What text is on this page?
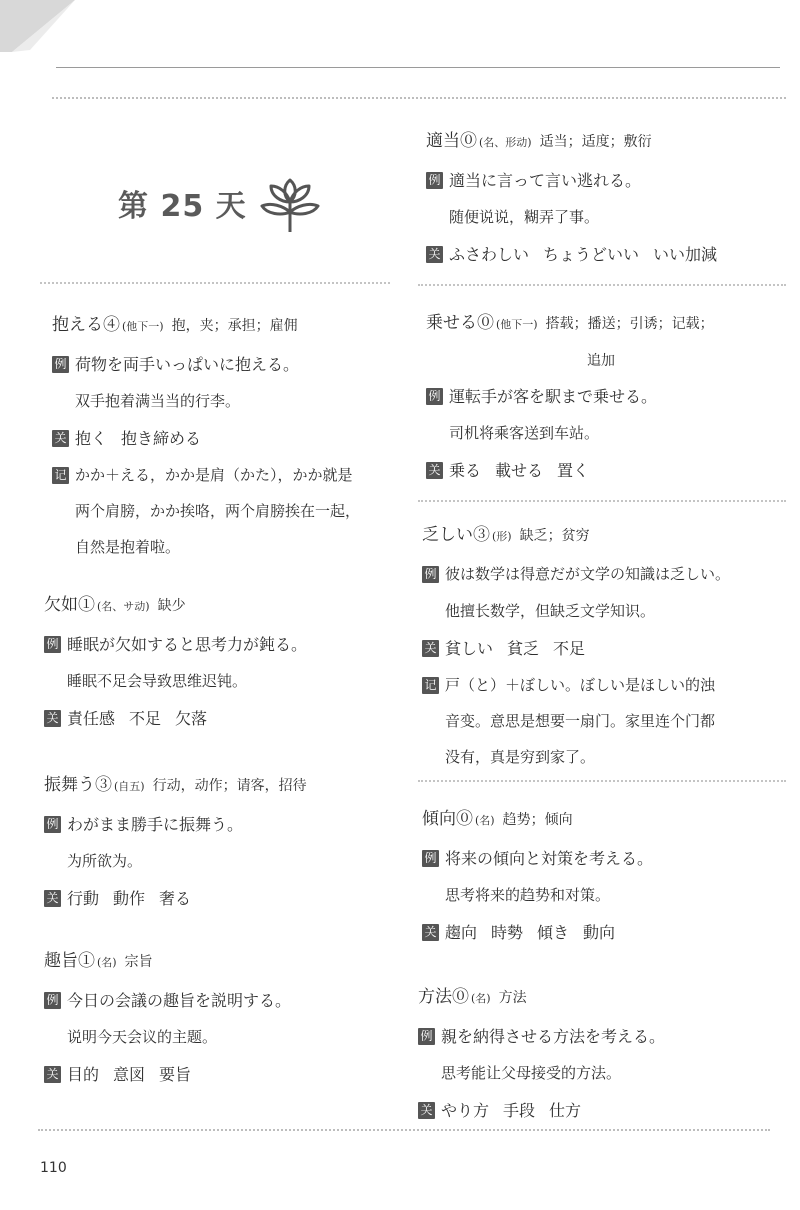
第 25 天
抱える④ (他下一) 抱，夹；承担；雇佣
例 荷物を両手いっぱいに抱える。
双手抱着满当当的行李。
关 抱く 抱き締める
记 かか＋える，かか是肩（かた），かか就是
两个肩膀，かか挨咯，两个肩膀挨在一起，
自然是抱着啦。
欠如① (名、サ动) 缺少
例 睡眠が欠如すると思考力が鈍る。
睡眠不足会导致思维迟钝。
关 責任感 不足 欠落
振舞う③ (自五) 行动，动作；请客，招待
例 わがまま勝手に振舞う。
为所欲为。
关 行動 動作 奢る
趣旨① (名) 宗旨
例 今日の会議の趣旨を説明する。
说明今天会议的主题。
关 目的 意図 要旨
適当⓪ (名、形动) 适当；适度；敷衍
例 適当に言って言い逃れる。
随便说说，糊弄了事。
关 ふさわしい ちょうどいい いい加減
乗せる⓪ (他下一) 搭载；播送；引诱；记载；
追加
例 運転手が客を駅まで乗せる。
司机将乘客送到车站。
关 乗る 載せる 置く
乏しい③ (形) 缺乏；贫穷
例 彼は数学は得意だが文学の知識は乏しい。
他擅长数学，但缺乏文学知识。
关 貧しい 貧乏 不足
记 戸（と）＋ぼしい。ぼしい是ほしい的浊
音变。意思是想要一扇门。家里连个门都
没有，真是穷到家了。
傾向⓪ (名) 趋势；倾向
例 将来の傾向と対策を考える。
思考将来的趋势和对策。
关 趨向 時勢 傾き 動向
方法⓪ (名) 方法
例 親を納得させる方法を考える。
思考能让父母接受的方法。
关 やり方 手段 仕方
110
